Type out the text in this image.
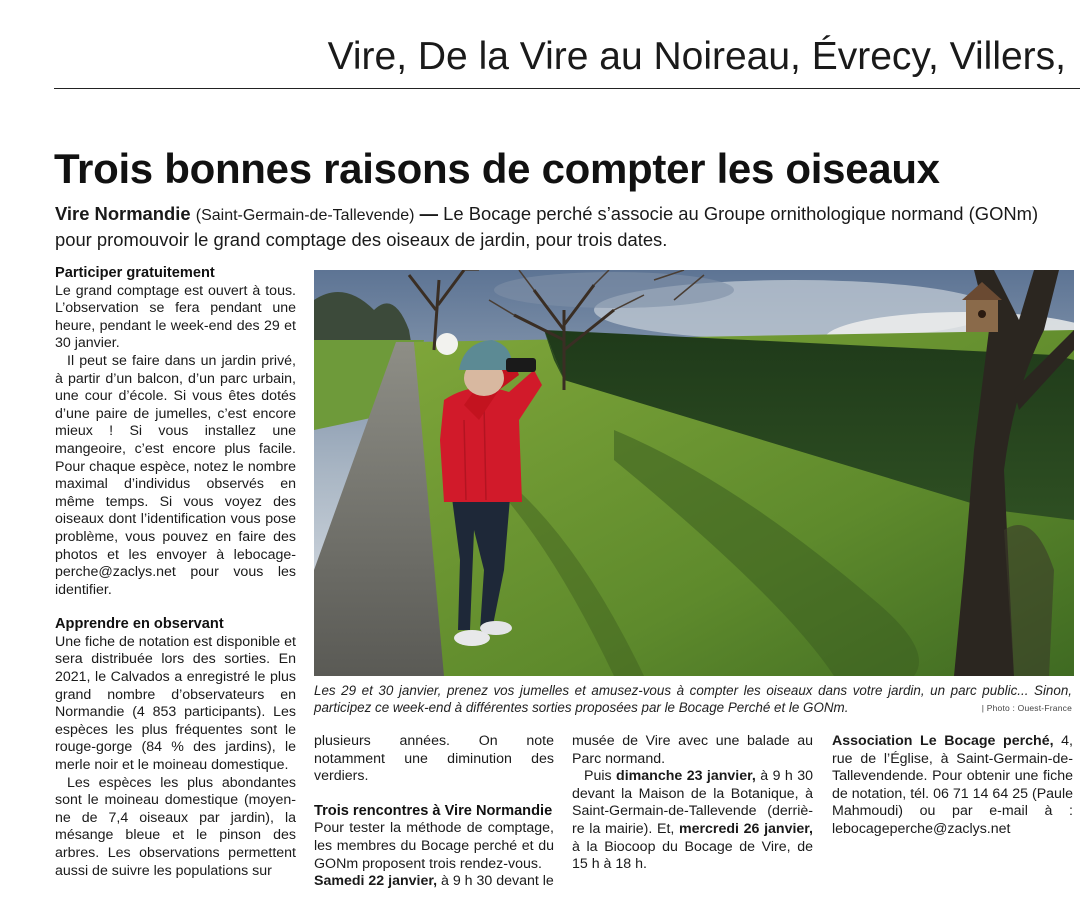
Vire, De la Vire au Noireau, Évrecy, Villers,
Trois bonnes raisons de compter les oiseaux
Vire Normandie (Saint-Germain-de-Tallevende) — Le Bocage perché s’associe au Groupe ornithologique normand (GONm) pour promouvoir le grand comptage des oiseaux de jardin, pour trois dates.
Participer gratuitement

Le grand comptage est ouvert à tous. L’observation se fera pendant une heure, pendant le week-end des 29 et 30 janvier.

Il peut se faire dans un jardin privé, à partir d’un balcon, d’un parc urbain, une cour d’école. Si vous êtes dotés d’une paire de jumelles, c’est encore mieux ! Si vous installez une mangeoire, c’est encore plus facile. Pour chaque espèce, notez le nombre maximal d’individus observés en même temps. Si vous voyez des oiseaux dont l’identification vous pose problème, vous pouvez en faire des photos et les envoyer à lebocage-perche@zaclys.net pour vous les identifier.

Apprendre en observant

Une fiche de notation est disponible et sera distribuée lors des sorties. En 2021, le Calvados a enregistré le plus grand nombre d’observateurs en Normandie (4 853 participants). Les espèces les plus fréquentes sont le rouge-gorge (84 % des jardins), le merle noir et le moineau domestique.

Les espèces les plus abondantes sont le moineau domestique (moyen-ne de 7,4 oiseaux par jardin), la mésange bleue et le pinson des arbres. Les observations permettent aussi de suivre les populations sur

Les 29 et 30 janvier, prenez vos jumelles et amusez-vous à compter les oiseaux dans votre jardin, un parc public... Sinon, participez ce week-end à différentes sorties proposées par le Bocage Perché et le GONm.	| Photo : Ouest-France

plusieurs années. On note notamment une diminution des verdiers.

Trois rencontres à Vire Normandie

Pour tester la méthode de comptage, les membres du Bocage perché et du GONm proposent trois rendez-vous.

Samedi 22 janvier, à 9 h 30 devant le

musée de Vire avec une balade au Parc normand.

Puis dimanche 23 janvier, à 9 h 30 devant la Maison de la Botanique, à Saint-Germain-de-Tallevende (derriè-re la mairie). Et, mercredi 26 janvier, à la Biocoop du Bocage de Vire, de 15 h à 18 h.

Association Le Bocage perché, 4, rue de l’Église, à Saint-Germain-de-Tallevendende. Pour obtenir une fiche de notation, tél. 06 71 14 64 25 (Paule Mahmoudi) ou par e-mail à : lebocageperche@zaclys.net
